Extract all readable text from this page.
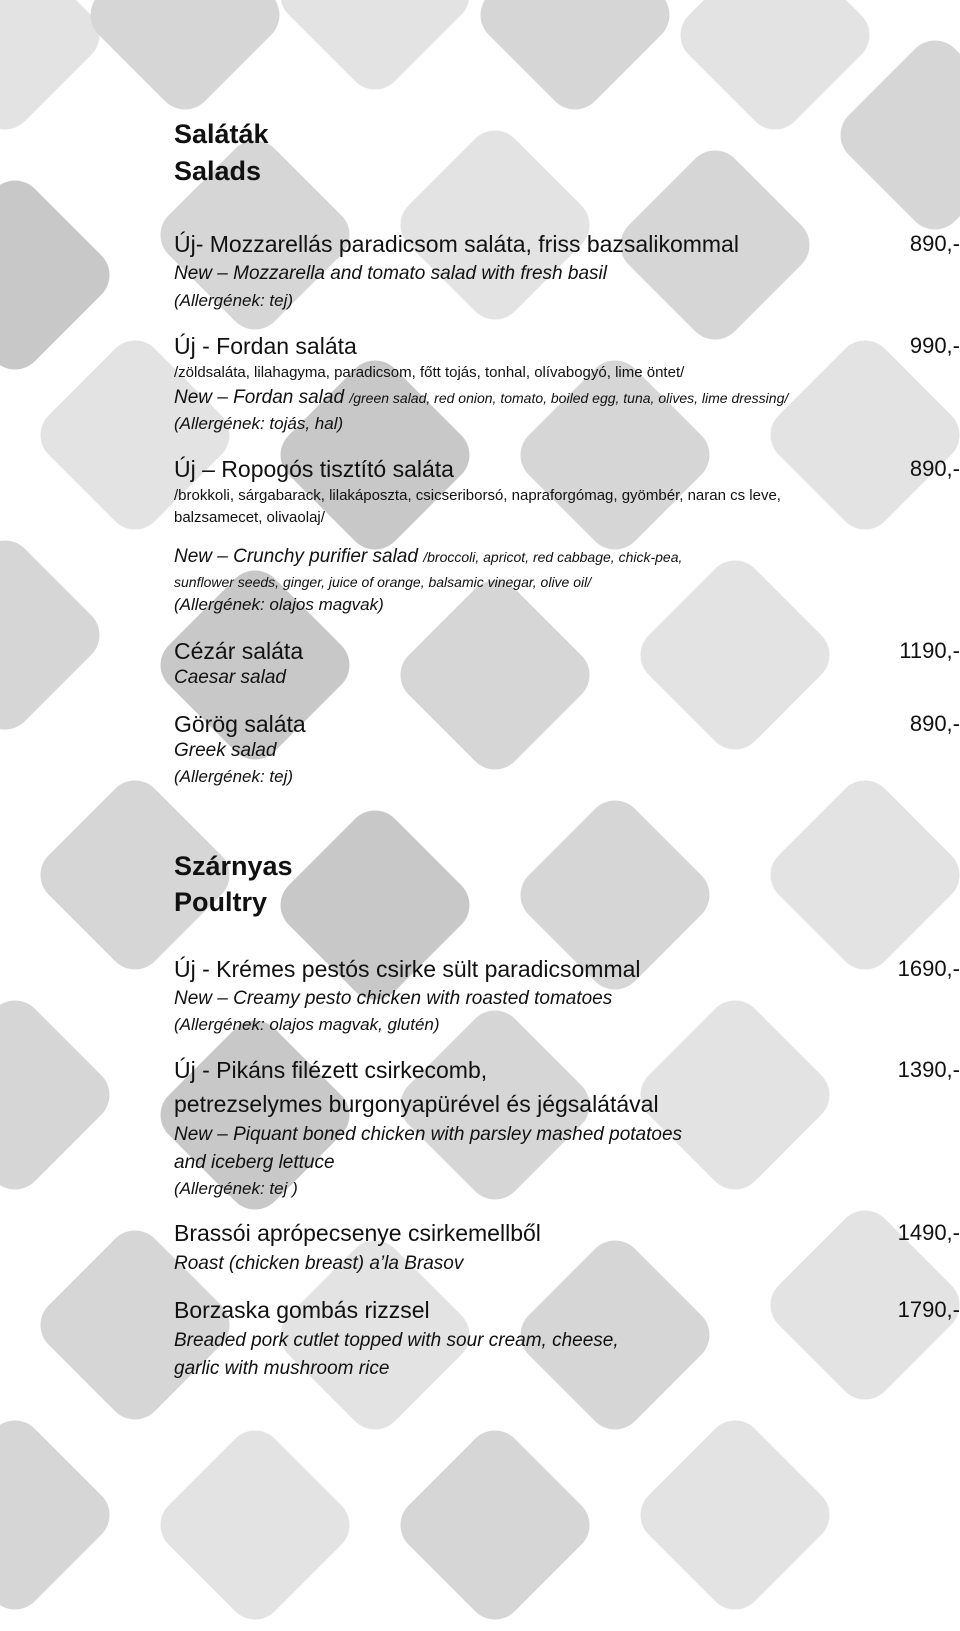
Saláták
Salads
Új- Mozzarellás paradicsom saláta, friss bazsalikommal	890,-
New – Mozzarella and tomato salad with fresh basil
(Allergének: tej)
Új - Fordan saláta	990,-
/zöldsaláta, lilahagyma, paradicsom, főtt tojás, tonhal, olívabogyó, lime öntet/
New – Fordan salad /green salad, red onion, tomato, boiled egg, tuna, olives, lime dressing/
(Allergének: tojás, hal)
Új – Ropogós tisztító saláta	890,-
/brokkoli, sárgabarack, lilakáposzta, csicseriborsó, napraforgómag, gyömbér, naran cs leve,
balzsamecet, olivaolaj/
New – Crunchy purifier salad /broccoli, apricot, red cabbage, chick-pea,
sunflower seeds, ginger, juice of orange, balsamic vinegar, olive oil/
(Allergének: olajos magvak)
Cézár saláta	1190,-
Caesar salad
Görög saláta	890,-
Greek salad
(Allergének: tej)
Szárnyas
Poultry
Új - Krémes pestós csirke sült paradicsommal	1690,-
New – Creamy pesto chicken with roasted tomatoes
(Allergének: olajos magvak, glutén)
Új - Pikáns filézett csirkecomb,	1390,-
petrezselymes burgonyapürével és jégsalátával
New – Piquant boned chicken with parsley mashed potatoes
and iceberg lettuce
(Allergének: tej )
Brassói aprópecsenye csirkemellből	1490,-
Roast (chicken breast) a’la Brasov
Borzaska gombás rizzsel	1790,-
Breaded pork cutlet topped with sour cream, cheese,
garlic with mushroom rice
